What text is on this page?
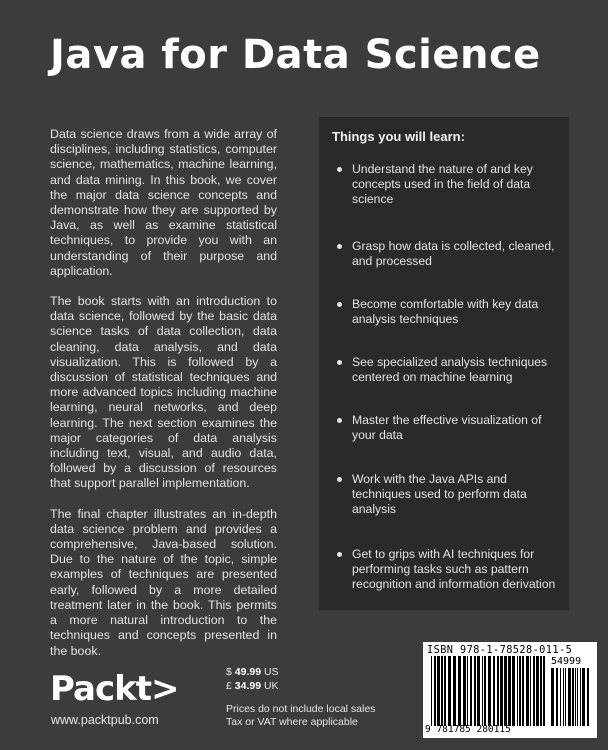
Java for Data Science

Data science draws from a wide array of disciplines, including statistics, computer science, mathematics, machine learning, and data mining. In this book, we cover the major data science concepts and demonstrate how they are supported by Java, as well as examine statistical techniques, to provide you with an understanding of their purpose and application.

The book starts with an introduction to data science, followed by the basic data science tasks of data collection, data cleaning, data analysis, and data visualization. This is followed by a discussion of statistical techniques and more advanced topics including machine learning, neural networks, and deep learning. The next section examines the major categories of data analysis including text, visual, and audio data, followed by a discussion of resources that support parallel implementation.

The final chapter illustrates an in-depth data science problem and provides a comprehensive, Java-based solution. Due to the nature of the topic, simple examples of techniques are presented early, followed by a more detailed treatment later in the book. This permits a more natural introduction to the techniques and concepts presented in the book.

Things you will learn:
Understand the nature of and key concepts used in the field of data science
Grasp how data is collected, cleaned, and processed
Become comfortable with key data analysis techniques
See specialized analysis techniques centered on machine learning
Master the effective visualization of your data
Work with the Java APIs and techniques used to perform data analysis
Get to grips with AI techniques for performing tasks such as pattern recognition and information derivation
Packt>
www.packtpub.com
$ 49.99 US
£ 34.99 UK
Prices do not include local sales
Tax or VAT where applicable
ISBN 978-1-78528-011-5
54999
9 781785 280115
